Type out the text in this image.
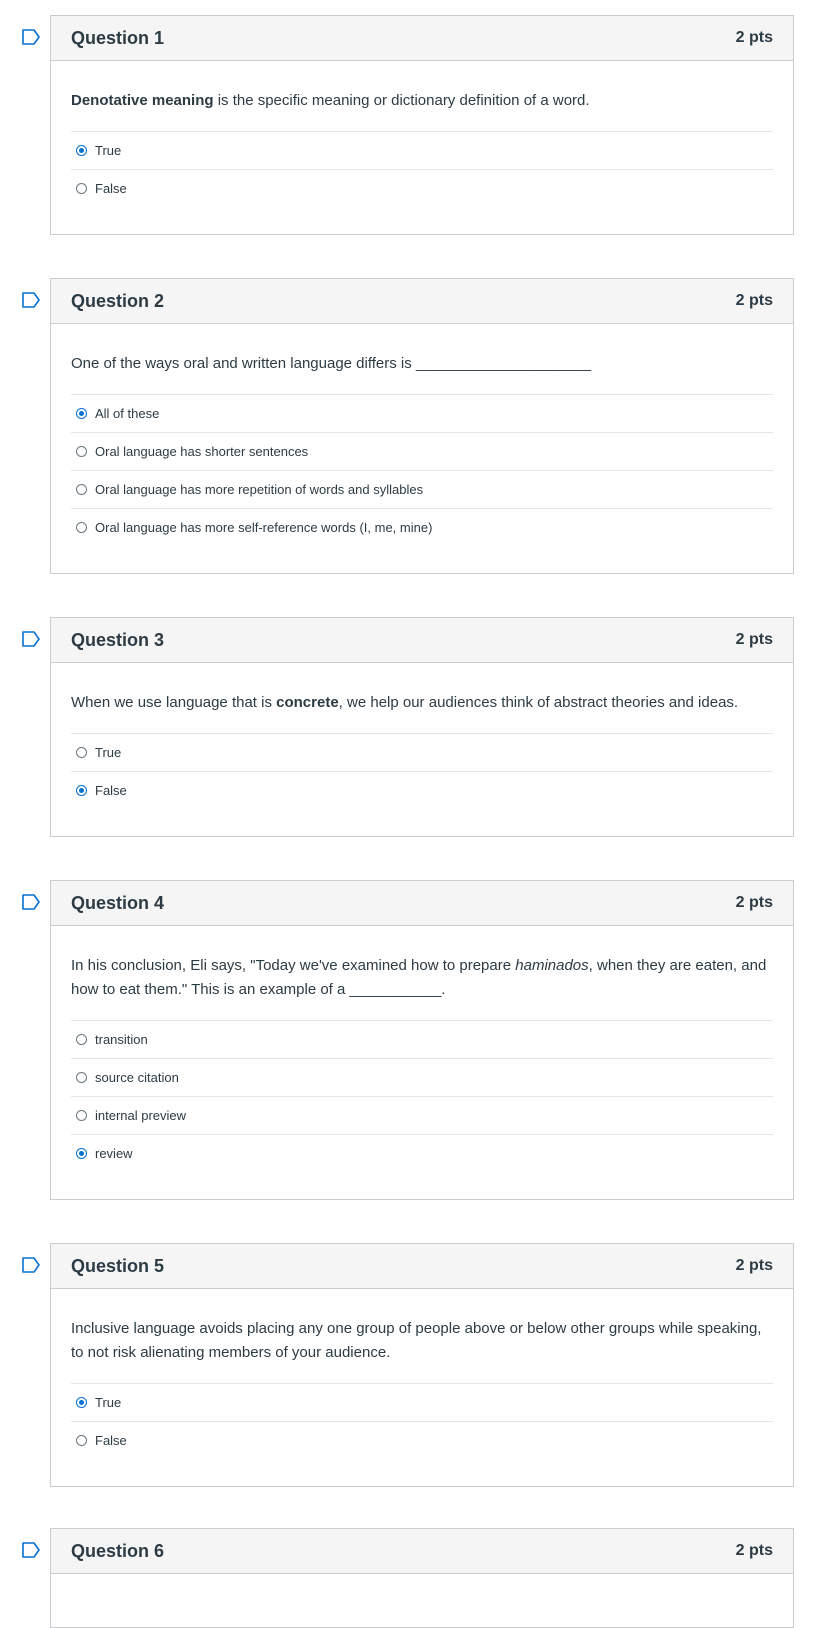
Question 1	2 pts

Denotative meaning is the specific meaning or dictionary definition of a word.

True
False
Question 2	2 pts

One of the ways oral and written language differs is _____________________

All of these
Oral language has shorter sentences
Oral language has more repetition of words and syllables
Oral language has more self-reference words (I, me, mine)
Question 3	2 pts

When we use language that is concrete, we help our audiences think of abstract theories and ideas.

True
False
Question 4	2 pts

In his conclusion, Eli says, "Today we've examined how to prepare haminados, when they are eaten, and how to eat them." This is an example of a ___________.

transition
source citation
internal preview
review
Question 5	2 pts

Inclusive language avoids placing any one group of people above or below other groups while speaking, to not risk alienating members of your audience.

True
False
Question 6	2 pts
